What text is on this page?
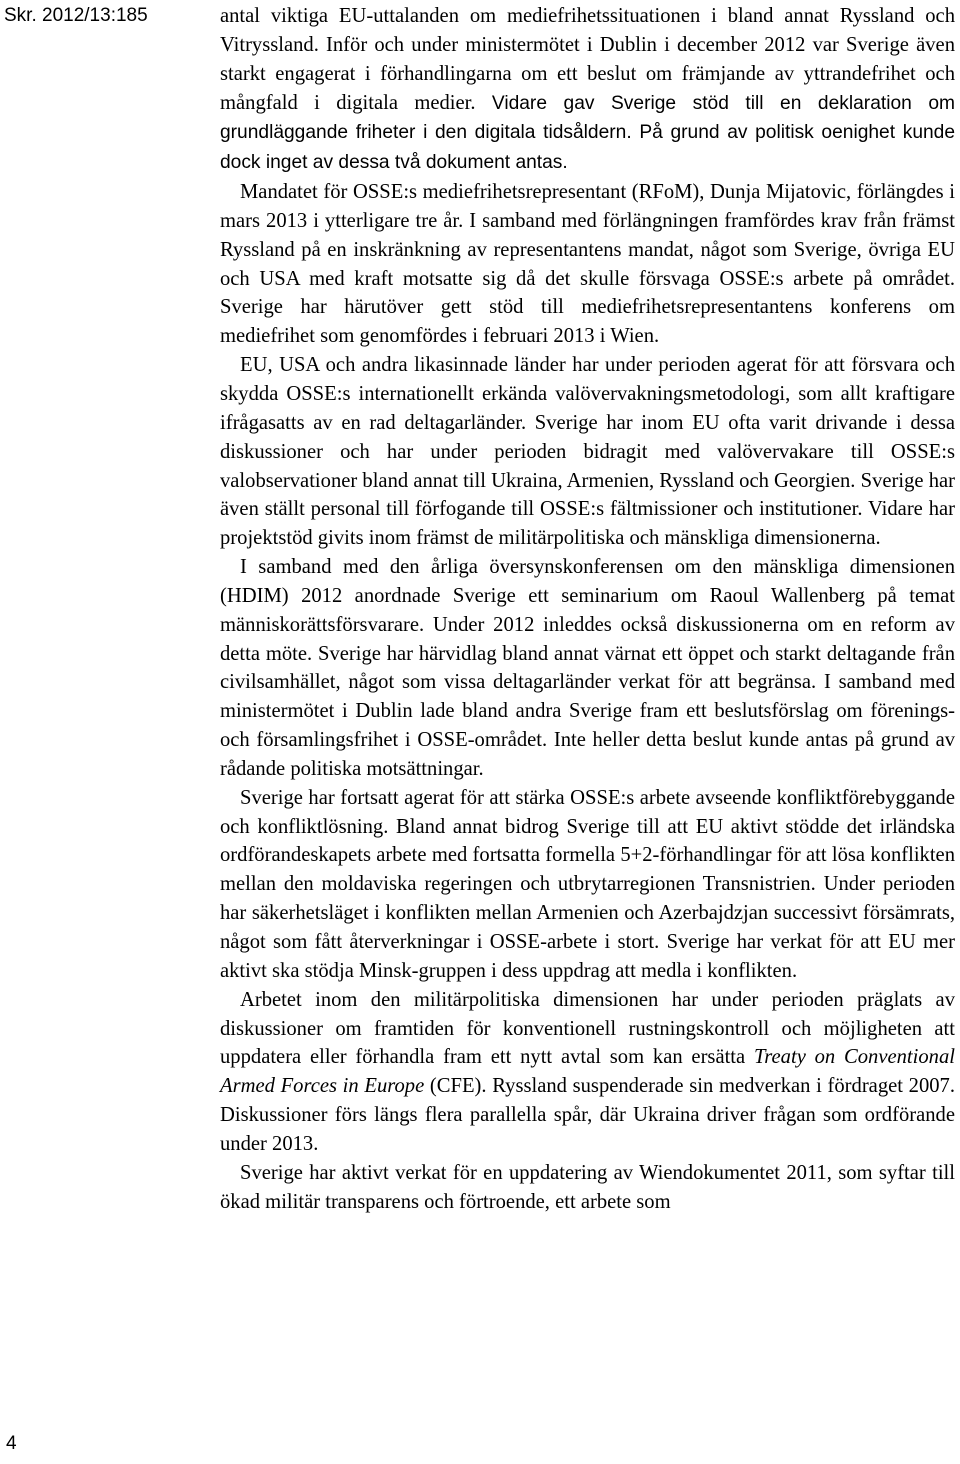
Skr. 2012/13:185	antal viktiga EU-uttalanden om mediefrihetssituationen i bland annat Ryssland och Vitryssland. Inför och under ministermötet i Dublin i december 2012 var Sverige även starkt engagerat i förhandlingarna om ett beslut om främjande av yttrandefrihet och mångfald i digitala medier. Vidare gav Sverige stöd till en deklaration om grundläggande friheter i den digitala tidsåldern. På grund av politisk oenighet kunde dock inget av dessa två dokument antas.

Mandatet för OSSE:s mediefrihetsrepresentant (RFoM), Dunja Mijatovic, förlängdes i mars 2013 i ytterligare tre år. I samband med förlängningen framfördes krav från främst Ryssland på en inskränkning av representantens mandat, något som Sverige, övriga EU och USA med kraft motsatte sig då det skulle försvaga OSSE:s arbete på området. Sverige har härutöver gett stöd till mediefrihetsrepresentantens konferens om mediefrihet som genomfördes i februari 2013 i Wien.

EU, USA och andra likasinnade länder har under perioden agerat för att försvara och skydda OSSE:s internationellt erkända valövervakningsmetodologi, som allt kraftigare ifrågasatts av en rad deltagarländer. Sverige har inom EU ofta varit drivande i dessa diskussioner och har under perioden bidragit med valövervakare till OSSE:s valobservationer bland annat till Ukraina, Armenien, Ryssland och Georgien. Sverige har även ställt personal till förfogande till OSSE:s fältmissioner och institutioner. Vidare har projektstöd givits inom främst de militärpolitiska och mänskliga dimensionerna.

I samband med den årliga översynskonferensen om den mänskliga dimensionen (HDIM) 2012 anordnade Sverige ett seminarium om Raoul Wallenberg på temat människorättsförsvarare. Under 2012 inleddes också diskussionerna om en reform av detta möte. Sverige har härvidlag bland annat värnat ett öppet och starkt deltagande från civilsamhället, något som vissa deltagarländer verkat för att begränsa. I samband med ministermötet i Dublin lade bland andra Sverige fram ett beslutsförslag om förenings- och församlingsfrihet i OSSE-området. Inte heller detta beslut kunde antas på grund av rådande politiska motsättningar.

Sverige har fortsatt agerat för att stärka OSSE:s arbete avseende konfliktförebyggande och konfliktlösning. Bland annat bidrog Sverige till att EU aktivt stödde det irländska ordförandeskapets arbete med fortsatta formella 5+2-förhandlingar för att lösa konflikten mellan den moldaviska regeringen och utbrytarregionen Transnistrien. Under perioden har säkerhetsläget i konflikten mellan Armenien och Azerbajdzjan successivt försämrats, något som fått återverkningar i OSSE-arbete i stort. Sverige har verkat för att EU mer aktivt ska stödja Minsk-gruppen i dess uppdrag att medla i konflikten.

Arbetet inom den militärpolitiska dimensionen har under perioden präglats av diskussioner om framtiden för konventionell rustningskontroll och möjligheten att uppdatera eller förhandla fram ett nytt avtal som kan ersätta Treaty on Conventional Armed Forces in Europe (CFE). Ryssland suspenderade sin medverkan i fördraget 2007. Diskussioner förs längs flera parallella spår, där Ukraina driver frågan som ordförande under 2013.

Sverige har aktivt verkat för en uppdatering av Wiendokumentet 2011, som syftar till ökad militär transparens och förtroende, ett arbete som

4
